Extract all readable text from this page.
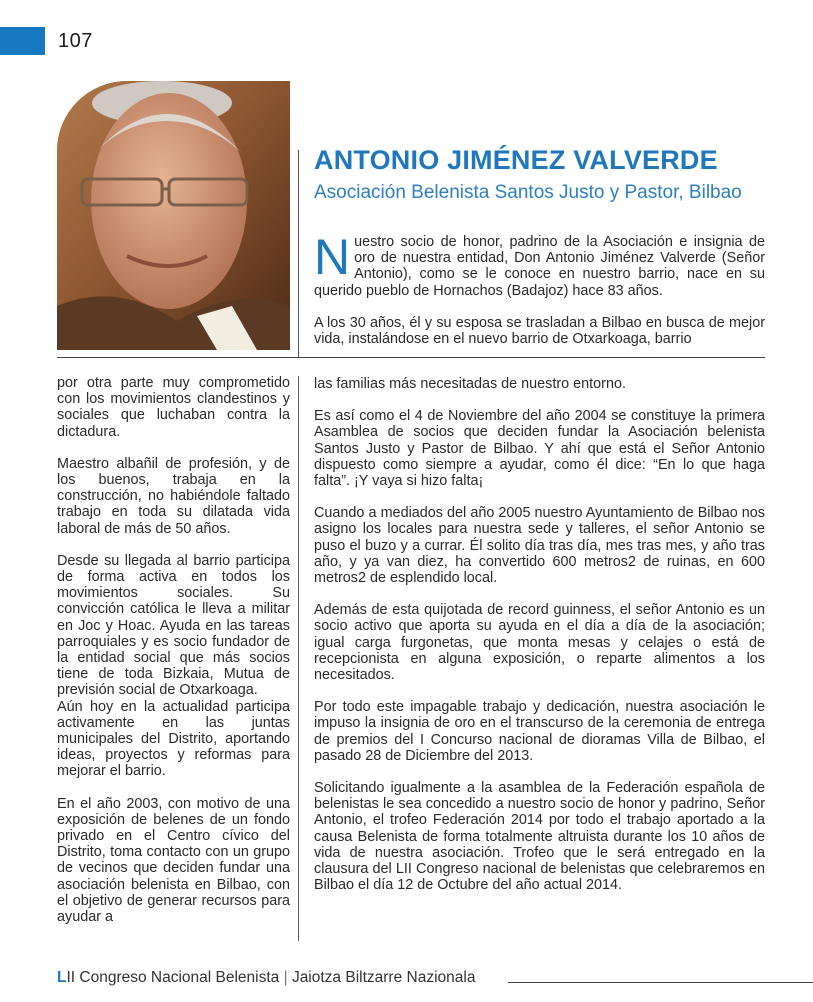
107
ANTONIO JIMÉNEZ VALVERDE
Asociación Belenista Santos Justo y Pastor, Bilbao

Nuestro socio de honor, padrino de la Asociación e insignia de oro de nuestra entidad, Don Antonio Jiménez Valverde (Señor Antonio), como se le conoce en nuestro barrio, nace en su querido pueblo de Hornachos (Badajoz) hace 83 años.

A los 30 años, él y su esposa se trasladan a Bilbao en busca de mejor vida, instalándose en el nuevo barrio de Otxarkoaga, barrio

por otra parte muy comprometido con los movimientos clandestinos y sociales que luchaban contra la dictadura.

Maestro albañil de profesión, y de los buenos, trabaja en la construcción, no habiéndole faltado trabajo en toda su dilatada vida laboral de más de 50 años.

Desde su llegada al barrio participa de forma activa en todos los movimientos sociales. Su convicción católica le lleva a militar en Joc y Hoac. Ayuda en las tareas parroquiales y es socio fundador de la entidad social que más socios tiene de toda Bizkaia, Mutua de previsión social de Otxarkoaga.

Aún hoy en la actualidad participa activamente en las juntas municipales del Distrito, aportando ideas, proyectos y reformas para mejorar el barrio.

En el año 2003, con motivo de una exposición de belenes de un fondo privado en el Centro cívico del Distrito, toma contacto con un grupo de vecinos que deciden fundar una asociación belenista en Bilbao, con el objetivo de generar recursos para ayudar a

las familias más necesitadas de nuestro entorno.

Es así como el 4 de Noviembre del año 2004 se constituye la primera Asamblea de socios que deciden fundar la Asociación belenista Santos Justo y Pastor de Bilbao. Y ahí que está el Señor Antonio dispuesto como siempre a ayudar, como él dice: “En lo que haga falta”. ¡Y vaya si hizo falta¡

Cuando a mediados del año 2005 nuestro Ayuntamiento de Bilbao nos asigno los locales para nuestra sede y talleres, el señor Antonio se puso el buzo y a currar. Él solito día tras día, mes tras mes, y año tras año, y ya van diez, ha convertido 600 metros2 de ruinas, en 600 metros2 de esplendido local.

Además de esta quijotada de record guinness, el señor Antonio es un socio activo que aporta su ayuda en el día a día de la asociación; igual carga furgonetas, que monta mesas y celajes o está de recepcionista en alguna exposición, o reparte alimentos a los necesitados.

Por todo este impagable trabajo y dedicación, nuestra asociación le impuso la insignia de oro en el transcurso de la ceremonia de entrega de premios del I Concurso nacional de dioramas Villa de Bilbao, el pasado 28 de Diciembre del 2013.

Solicitando igualmente a la asamblea de la Federación española de belenistas le sea concedido a nuestro socio de honor y padrino, Señor Antonio, el trofeo Federación 2014 por todo el trabajo aportado a la causa Belenista de forma totalmente altruista durante los 10 años de vida de nuestra asociación. Trofeo que le será entregado en la clausura del LII Congreso nacional de belenistas que celebraremos en Bilbao el día 12 de Octubre del año actual 2014.

LII Congreso Nacional Belenista | Jaiotza Biltzarre Nazionala
